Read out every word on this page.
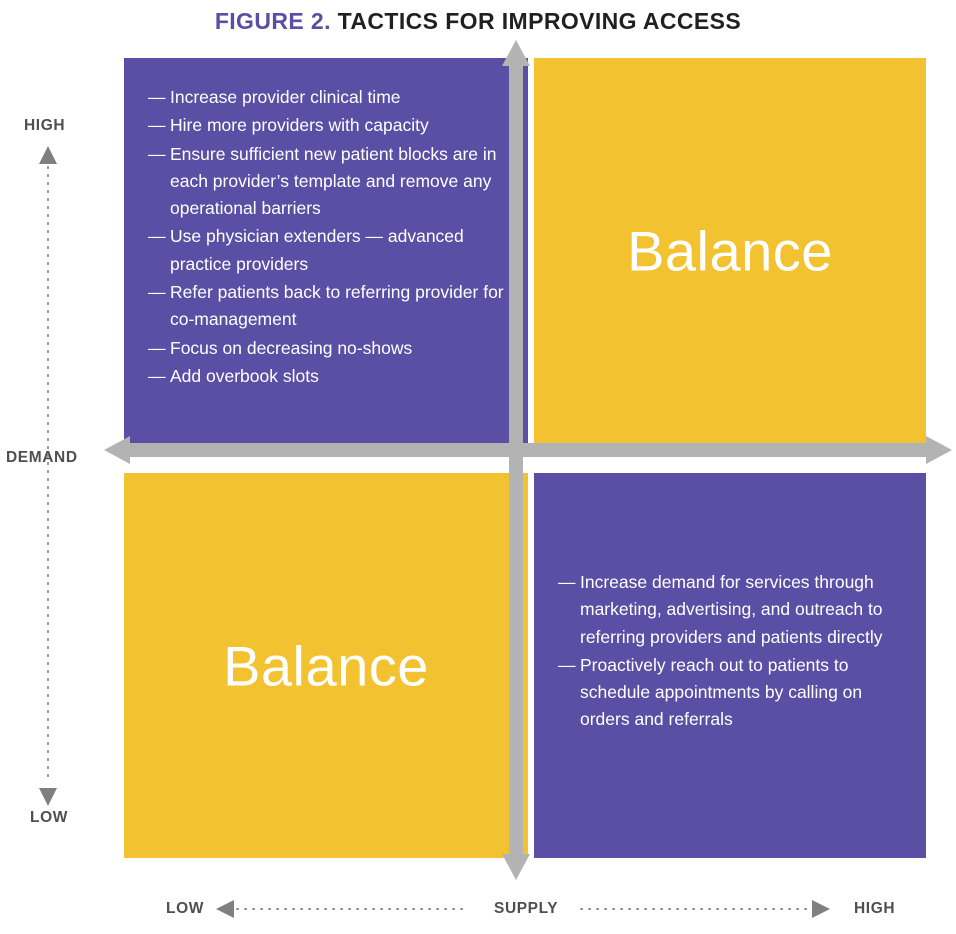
FIGURE 2. TACTICS FOR IMPROVING ACCESS
— Increase provider clinical time
— Hire more providers with capacity
— Ensure sufficient new patient blocks are in each provider’s template and remove any operational barriers
— Use physician extenders — advanced practice providers
— Refer patients back to referring provider for co-management
— Focus on decreasing no-shows
— Add overbook slots
Balance
Balance
— Increase demand for services through marketing, advertising, and outreach to referring providers and patients directly
— Proactively reach out to patients to schedule appointments by calling on orders and referrals
HIGH
LOW
DEMAND
LOW	HIGH
SUPPLY
